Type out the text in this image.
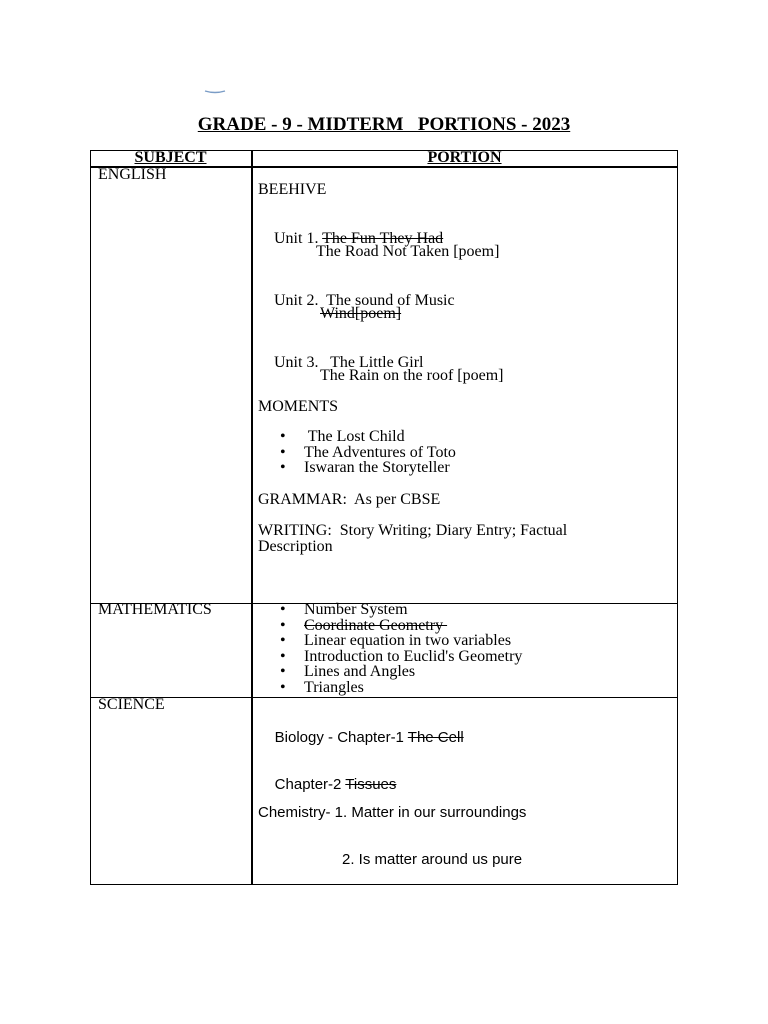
GRADE - 9 - MIDTERM   PORTIONS - 2023
SUBJECT	PORTION
ENGLISH
BEEHIVE

Unit 1. The Fun They Had

The Road Not Taken [poem]

Unit 2.  The sound of Music

Wind[poem]

Unit 3.   The Little Girl

The Rain on the roof [poem]
MOMENTS
•  The Lost Child
• The Adventures of Toto
• Iswaran the Storyteller
GRAMMAR:  As per CBSE
WRITING:  Story Writing; Diary Entry; Factual
Description
MATHEMATICS
•	Number System
• Coordinate Geometry
• Linear equation in two variables
• Introduction to Euclid's Geometry
• Lines and Angles
• Triangles
SCIENCE

Biology - Chapter-1 The Cell

Chapter-2 Tissues

Chemistry- 1. Matter in our surroundings
2. Is matter around us pure
